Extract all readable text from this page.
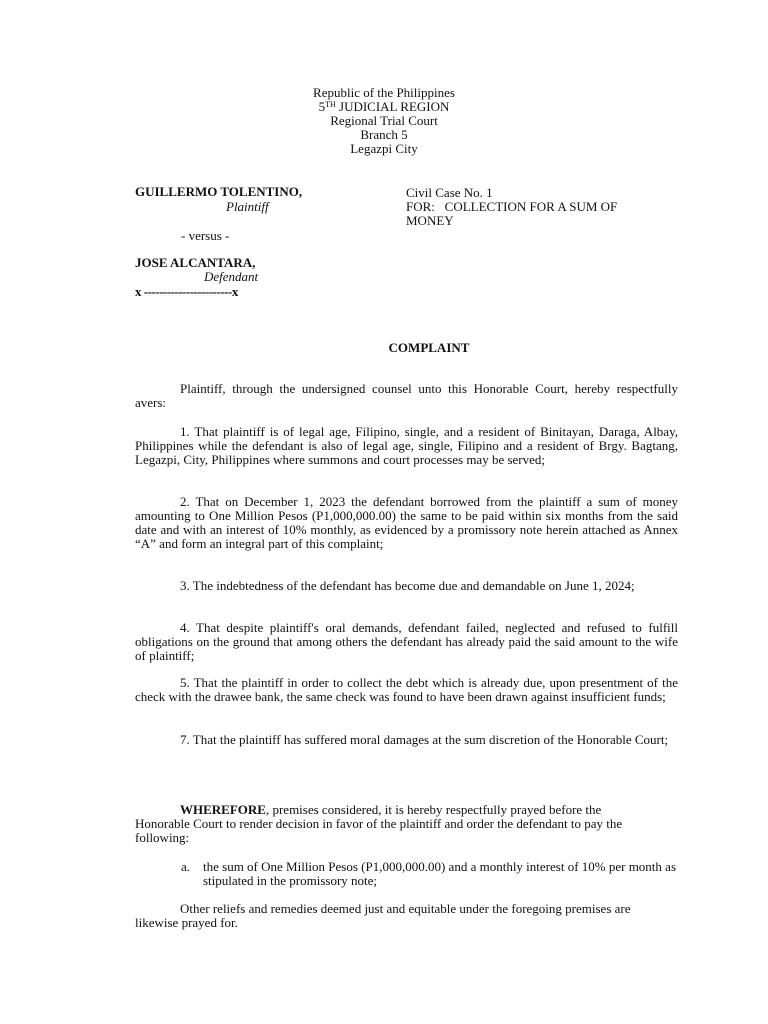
Republic of the Philippines
5TH JUDICIAL REGION
Regional Trial Court
Branch 5
Legazpi City
GUILLERMO TOLENTINO,
Plaintiff
- versus -
JOSE ALCANTARA,
Defendant
x -----------------------x
Civil Case No. 1
FOR:   COLLECTION FOR A SUM OF
MONEY
COMPLAINT
Plaintiff, through the undersigned counsel unto this Honorable Court, hereby respectfully avers:
1. That plaintiff is of legal age, Filipino, single, and a resident of Binitayan, Daraga, Albay, Philippines while the defendant is also of legal age, single, Filipino and a resident of Brgy. Bagtang, Legazpi, City, Philippines where summons and court processes may be served;
2. That on December 1, 2023 the defendant borrowed from the plaintiff a sum of money amounting to One Million Pesos (P1,000,000.00) the same to be paid within six months from the said date and with an interest of 10% monthly, as evidenced by a promissory note herein attached as Annex “A” and form an integral part of this complaint;
3. The indebtedness of the defendant has become due and demandable on June 1, 2024;
4. That despite plaintiff's oral demands, defendant failed, neglected and refused to fulfill obligations on the ground that among others the defendant has already paid the said amount to the wife of plaintiff;
5. That the plaintiff in order to collect the debt which is already due, upon presentment of the check with the drawee bank, the same check was found to have been drawn against insufficient funds;
7. That the plaintiff has suffered moral damages at the sum discretion of the Honorable Court;
WHEREFORE, premises considered, it is hereby respectfully prayed before the Honorable Court to render decision in favor of the plaintiff and order the defendant to pay the following:
a. the sum of One Million Pesos (P1,000,000.00) and a monthly interest of 10% per month as stipulated in the promissory note;
Other reliefs and remedies deemed just and equitable under the foregoing premises are likewise prayed for.
